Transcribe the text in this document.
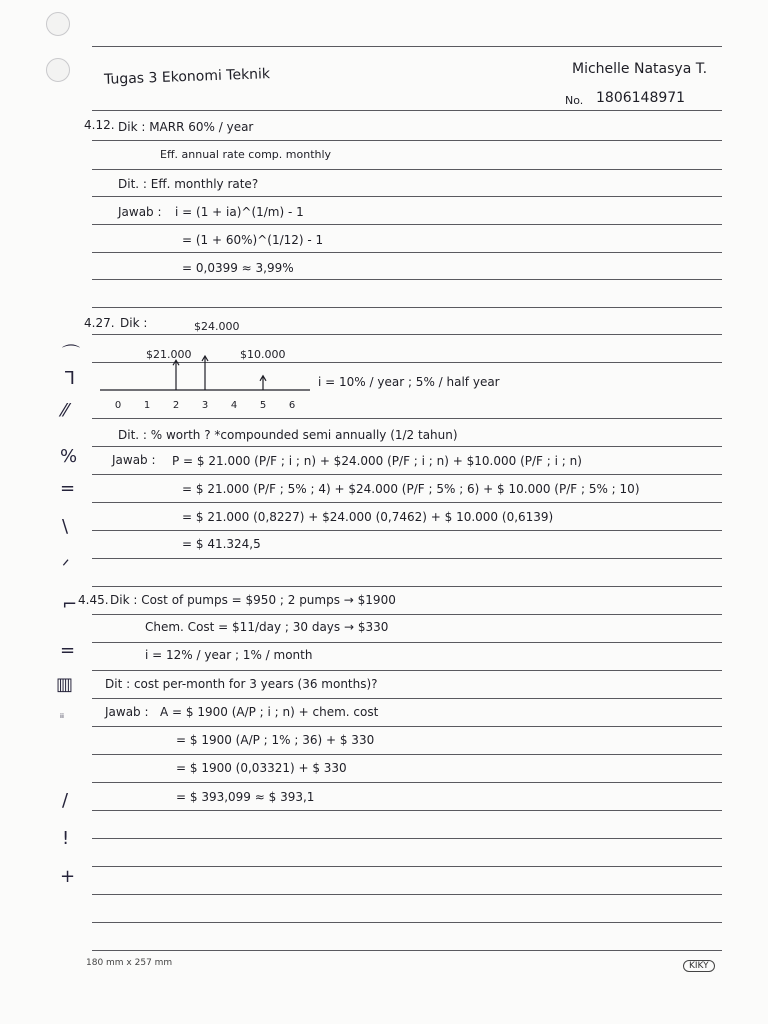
⌒
ᒣ
⁄⁄
%
=
\
ᐟ
⌐
=
▥
ᵢᵢ
/
!
+
Tugas 3 Ekonomi Teknik	Michelle Natasya T.
No. 1806148971
4.12. Dik : MARR 60% / year
Eff. annual rate comp. monthly
Dit. : Eff. monthly rate?
Jawab : i = (1 + ia)^(1/m) - 1
= (1 + 60%)^(1/12) - 1
= 0,0399 ≈ 3,99%
4.27. Dik :	$24.000
$21.000	$10.000
i = 10% / year ; 5% / half year
0 1 2 3 4 5 6
Dit. : % worth ? *compounded semi annually (1/2 tahun)
Jawab : P = $ 21.000 (P/F ; i ; n) + $24.000 (P/F ; i ; n) + $10.000 (P/F ; i ; n)
= $ 21.000 (P/F ; 5% ; 4) + $24.000 (P/F ; 5% ; 6) + $ 10.000 (P/F ; 5% ; 10)
= $ 21.000 (0,8227) + $24.000 (0,7462) + $ 10.000 (0,6139)
= $ 41.324,5
4.45. Dik : Cost of pumps = $950 ; 2 pumps → $1900
Chem. Cost = $11/day ; 30 days → $330
i = 12% / year ; 1% / month
Dit : cost per-month for 3 years (36 months)?
Jawab : A = $ 1900 (A/P ; i ; n) + chem. cost
= $ 1900 (A/P ; 1% ; 36) + $ 330
= $ 1900 (0,03321) + $ 330
= $ 393,099 ≈ $ 393,1
180 mm x 257 mm	KIKY
